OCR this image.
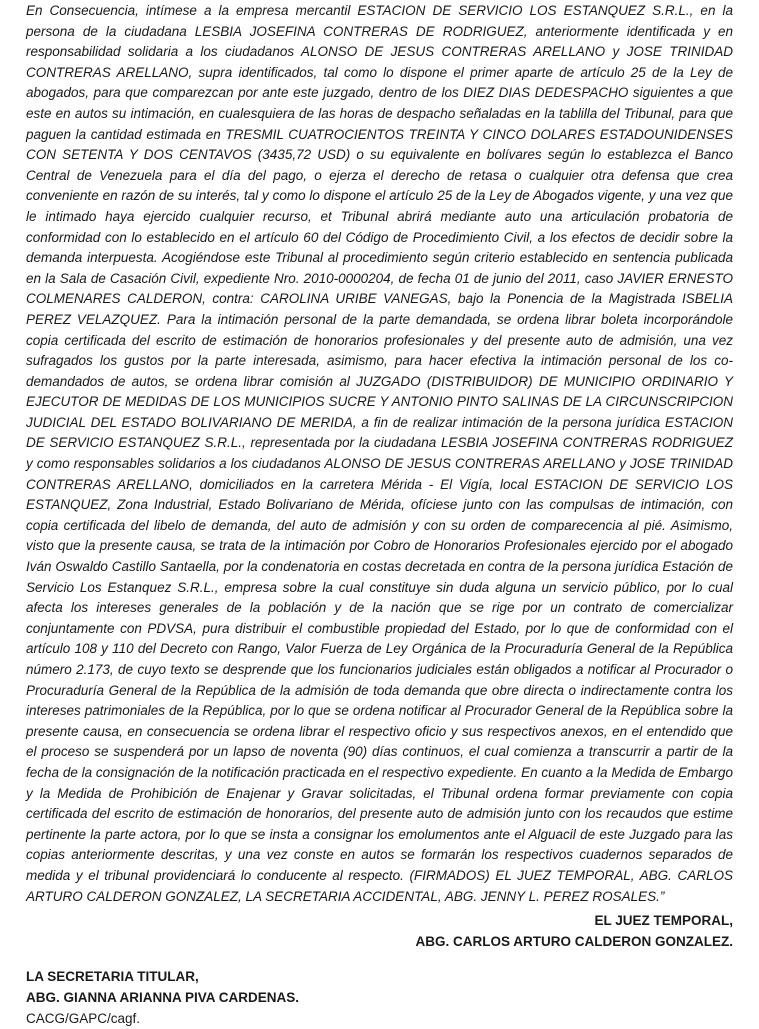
En Consecuencia, intímese a la empresa mercantil ESTACION DE SERVICIO LOS ESTANQUEZ S.R.L., en la persona de la ciudadana LESBIA JOSEFINA CONTRERAS DE RODRIGUEZ, anteriormente identificada y en responsabilidad solidaria a los ciudadanos ALONSO DE JESUS CONTRERAS ARELLANO y JOSE TRINIDAD CONTRERAS ARELLANO, supra identificados, tal como lo dispone el primer aparte de artículo 25 de la Ley de abogados, para que comparezcan por ante este juzgado, dentro de los DIEZ DIAS DEDESPACHO siguientes a que este en autos su intimación, en cualesquiera de las horas de despacho señaladas en la tablilla del Tribunal, para que paguen la cantidad estimada en TRESMIL CUATROCIENTOS TREINTA Y CINCO DOLARES ESTADOUNIDENSES CON SETENTA Y DOS CENTAVOS (3435,72 USD) o su equivalente en bolívares según lo establezca el Banco Central de Venezuela para el día del pago, o ejerza el derecho de retasa o cualquier otra defensa que crea conveniente en razón de su interés, tal y como lo dispone el artículo 25 de la Ley de Abogados vigente, y una vez que le intimado haya ejercido cualquier recurso, et Tribunal abrirá mediante auto una articulación probatoria de conformidad con lo establecido en el artículo 60 del Código de Procedimiento Civil, a los efectos de decidir sobre la demanda interpuesta. Acogiéndose este Tribunal al procedimiento según criterio establecido en sentencia publicada en la Sala de Casación Civil, expediente Nro. 2010-0000204, de fecha 01 de junio del 2011, caso JAVIER ERNESTO COLMENARES CALDERON, contra: CAROLINA URIBE VANEGAS, bajo la Ponencia de la Magistrada ISBELIA PEREZ VELAZQUEZ. Para la intimación personal de la parte demandada, se ordena librar boleta incorporándole copia certificada del escrito de estimación de honorarios profesionales y del presente auto de admisión, una vez sufragados los gustos por la parte interesada, asimismo, para hacer efectiva la intimación personal de los co-demandados de autos, se ordena librar comisión al JUZGADO (DISTRIBUIDOR) DE MUNICIPIO ORDINARIO Y EJECUTOR DE MEDIDAS DE LOS MUNICIPIOS SUCRE Y ANTONIO PINTO SALINAS DE LA CIRCUNSCRIPCION JUDICIAL DEL ESTADO BOLIVARIANO DE MERIDA, a fin de realizar intimación de la persona jurídica ESTACION DE SERVICIO ESTANQUEZ S.R.L., representada por la ciudadana LESBIA JOSEFINA CONTRERAS RODRIGUEZ y como responsables solidarios a los ciudadanos ALONSO DE JESUS CONTRERAS ARELLANO y JOSE TRINIDAD CONTRERAS ARELLANO, domiciliados en la carretera Mérida - El Vigía, local ESTACION DE SERVICIO LOS ESTANQUEZ, Zona Industrial, Estado Bolivariano de Mérida, ofíciese junto con las compulsas de intimación, con copia certificada del libelo de demanda, del auto de admisión y con su orden de comparecencia al pié. Asimismo, visto que la presente causa, se trata de la intimación por Cobro de Honorarios Profesionales ejercido por el abogado Iván Oswaldo Castillo Santaella, por la condenatoria en costas decretada en contra de la persona jurídica Estación de Servicio Los Estanquez S.R.L., empresa sobre la cual constituye sin duda alguna un servicio público, por lo cual afecta los intereses generales de la población y de la nación que se rige por un contrato de comercializar conjuntamente con PDVSA, pura distribuir el combustible propiedad del Estado, por lo que de conformidad con el artículo 108 y 110 del Decreto con Rango, Valor Fuerza de Ley Orgánica de la Procuraduría General de la República número 2.173, de cuyo texto se desprende que los funcionarios judiciales están obligados a notificar al Procurador o Procuraduría General de la República de la admisión de toda demanda que obre directa o indirectamente contra los intereses patrimoniales de la República, por lo que se ordena notificar al Procurador General de la República sobre la presente causa, en consecuencia se ordena librar el respectivo oficio y sus respectivos anexos, en el entendido que el proceso se suspenderá por un lapso de noventa (90) días continuos, el cual comienza a transcurrir a partir de la fecha de la consignación de la notificación practicada en el respectivo expediente. En cuanto a la Medida de Embargo y la Medida de Prohibición de Enajenar y Gravar solicitadas, el Tribunal ordena formar previamente con copia certificada del escrito de estimación de honorarios, del presente auto de admisión junto con los recaudos que estime pertinente la parte actora, por lo que se insta a consignar los emolumentos ante el Alguacil de este Juzgado para las copias anteriormente descritas, y una vez conste en autos se formarán los respectivos cuadernos separados de medida y el tribunal providenciará lo conducente al respecto. (FIRMADOS) EL JUEZ TEMPORAL, ABG. CARLOS ARTURO CALDERON GONZALEZ, LA SECRETARIA ACCIDENTAL, ABG. JENNY L. PEREZ ROSALES.”

EL JUEZ TEMPORAL,
ABG. CARLOS ARTURO CALDERON GONZALEZ.
LA SECRETARIA TITULAR,
ABG. GIANNA ARIANNA PIVA CARDENAS.
CACG/GAPC/cagf.
